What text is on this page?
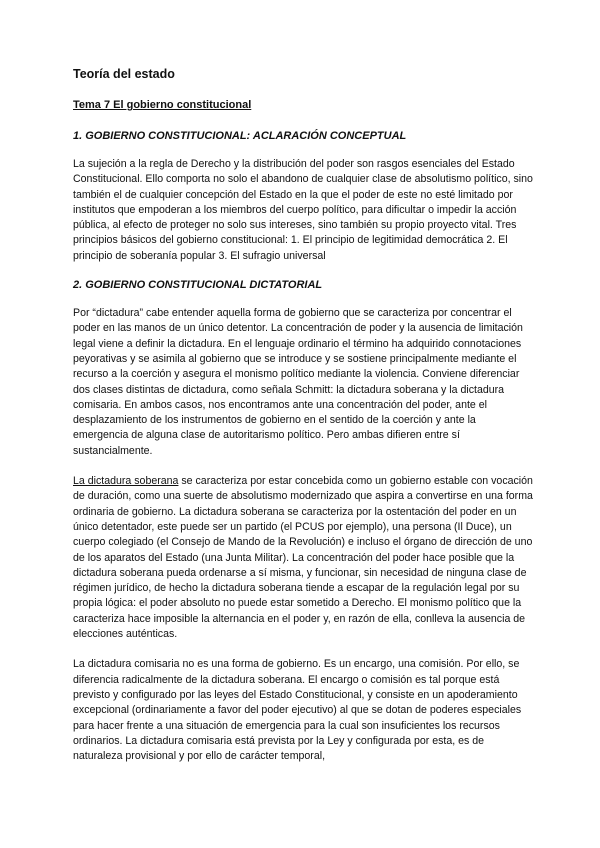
Teoría del estado
Tema 7 El gobierno constitucional
1. GOBIERNO CONSTITUCIONAL: ACLARACIÓN CONCEPTUAL

La sujeción a la regla de Derecho y la distribución del poder son rasgos esenciales del Estado Constitucional. Ello comporta no solo el abandono de cualquier clase de absolutismo político, sino también el de cualquier concepción del Estado en la que el poder de este no esté limitado por institutos que empoderan a los miembros del cuerpo político, para dificultar o impedir la acción pública, al efecto de proteger no solo sus intereses, sino también su propio proyecto vital. Tres principios básicos del gobierno constitucional: 1. El principio de legitimidad democrática 2. El principio de soberanía popular 3. El sufragio universal

2. GOBIERNO CONSTITUCIONAL DICTATORIAL

Por “dictadura” cabe entender aquella forma de gobierno que se caracteriza por concentrar el poder en las manos de un único detentor. La concentración de poder y la ausencia de limitación legal viene a definir la dictadura. En el lenguaje ordinario el término ha adquirido connotaciones peyorativas y se asimila al gobierno que se introduce y se sostiene principalmente mediante el recurso a la coerción y asegura el monismo político mediante la violencia. Conviene diferenciar dos clases distintas de dictadura, como señala Schmitt: la dictadura soberana y la dictadura comisaria. En ambos casos, nos encontramos ante una concentración del poder, ante el desplazamiento de los instrumentos de gobierno en el sentido de la coerción y ante la emergencia de alguna clase de autoritarismo político. Pero ambas difieren entre sí sustancialmente.

La dictadura soberana se caracteriza por estar concebida como un gobierno estable con vocación de duración, como una suerte de absolutismo modernizado que aspira a convertirse en una forma ordinaria de gobierno. La dictadura soberana se caracteriza por la ostentación del poder en un único detentador, este puede ser un partido (el PCUS por ejemplo), una persona (Il Duce), un cuerpo colegiado (el Consejo de Mando de la Revolución) e incluso el órgano de dirección de uno de los aparatos del Estado (una Junta Militar). La concentración del poder hace posible que la dictadura soberana pueda ordenarse a sí misma, y funcionar, sin necesidad de ninguna clase de régimen jurídico, de hecho la dictadura soberana tiende a escapar de la regulación legal por su propia lógica: el poder absoluto no puede estar sometido a Derecho. El monismo político que la caracteriza hace imposible la alternancia en el poder y, en razón de ella, conlleva la ausencia de elecciones auténticas.

La dictadura comisaria no es una forma de gobierno. Es un encargo, una comisión. Por ello, se diferencia radicalmente de la dictadura soberana. El encargo o comisión es tal porque está previsto y configurado por las leyes del Estado Constitucional, y consiste en un apoderamiento excepcional (ordinariamente a favor del poder ejecutivo) al que se dotan de poderes especiales para hacer frente a una situación de emergencia para la cual son insuficientes los recursos ordinarios. La dictadura comisaria está prevista por la Ley y configurada por esta, es de naturaleza provisional y por ello de carácter temporal,
